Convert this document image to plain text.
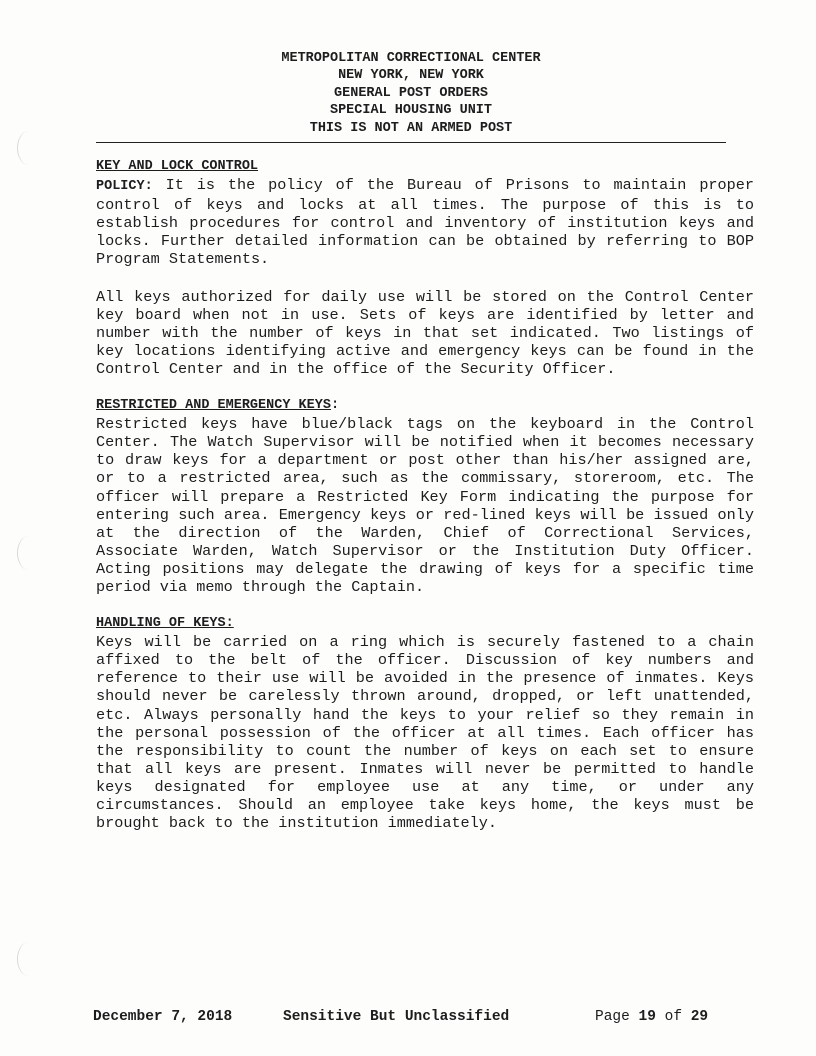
METROPOLITAN CORRECTIONAL CENTER
NEW YORK, NEW YORK
GENERAL POST ORDERS
SPECIAL HOUSING UNIT
THIS IS NOT AN ARMED POST
KEY AND LOCK CONTROL

POLICY: It is the policy of the Bureau of Prisons to maintain proper control of keys and locks at all times. The purpose of this is to establish procedures for control and inventory of institution keys and locks. Further detailed information can be obtained by referring to BOP Program Statements.

All keys authorized for daily use will be stored on the Control Center key board when not in use. Sets of keys are identified by letter and number with the number of keys in that set indicated. Two listings of key locations identifying active and emergency keys can be found in the Control Center and in the office of the Security Officer.

RESTRICTED AND EMERGENCY KEYS:

Restricted keys have blue/black tags on the keyboard in the Control Center. The Watch Supervisor will be notified when it becomes necessary to draw keys for a department or post other than his/her assigned are, or to a restricted area, such as the commissary, storeroom, etc. The officer will prepare a Restricted Key Form indicating the purpose for entering such area. Emergency keys or red-lined keys will be issued only at the direction of the Warden, Chief of Correctional Services, Associate Warden, Watch Supervisor or the Institution Duty Officer. Acting positions may delegate the drawing of keys for a specific time period via memo through the Captain.

HANDLING OF KEYS:

Keys will be carried on a ring which is securely fastened to a chain affixed to the belt of the officer. Discussion of key numbers and reference to their use will be avoided in the presence of inmates. Keys should never be carelessly thrown around, dropped, or left unattended, etc. Always personally hand the keys to your relief so they remain in the personal possession of the officer at all times. Each officer has the responsibility to count the number of keys on each set to ensure that all keys are present. Inmates will never be permitted to handle keys designated for employee use at any time, or under any circumstances. Should an employee take keys home, the keys must be brought back to the institution immediately.

December 7, 2018	Sensitive But Unclassified	Page 19 of 29
